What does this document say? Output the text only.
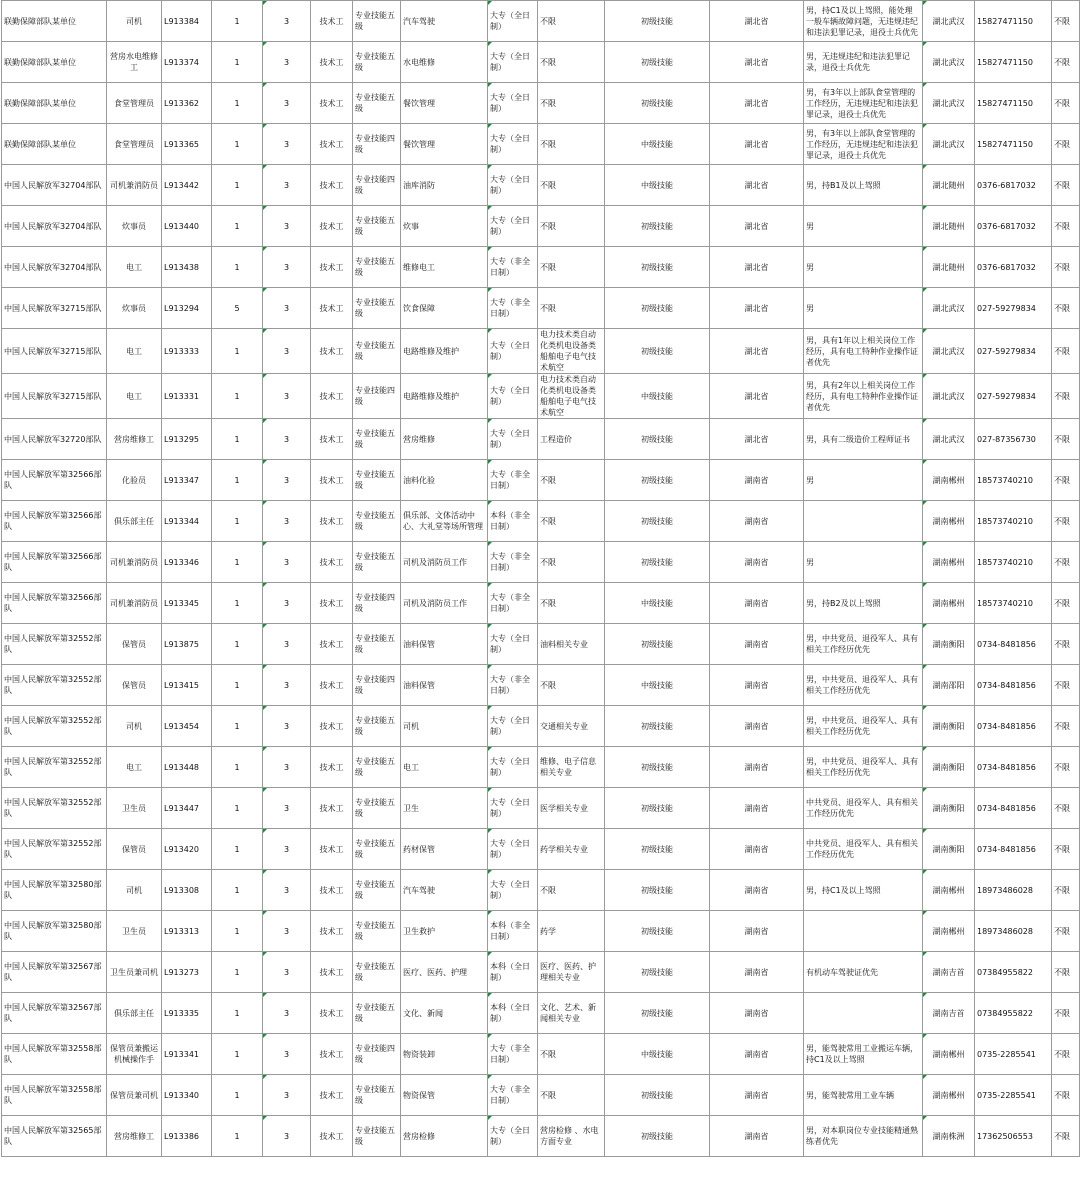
联勤保障部队某单位	司机	L913384	1	3	技术工	专业技能五级	汽车驾驶	大专（全日制）	不限	初级技能	湖北省	男，持C1及以上驾照，能处理一般车辆故障问题，无违规违纪和违法犯罪记录，退役士兵优先	湖北武汉	15827471150	不限
联勤保障部队某单位	营房水电维修工	L913374	1	3	技术工	专业技能五级	水电维修	大专（全日制）	不限	初级技能	湖北省	男，无违规违纪和违法犯罪记录，退役士兵优先	湖北武汉	15827471150	不限
联勤保障部队某单位	食堂管理员	L913362	1	3	技术工	专业技能五级	餐饮管理	大专（全日制）	不限	初级技能	湖北省	男，有3年以上部队食堂管理的工作经历，无违规违纪和违法犯罪记录，退役士兵优先	湖北武汉	15827471150	不限
联勤保障部队某单位	食堂管理员	L913365	1	3	技术工	专业技能四级	餐饮管理	大专（全日制）	不限	中级技能	湖北省	男，有3年以上部队食堂管理的工作经历，无违规违纪和违法犯罪记录，退役士兵优先	湖北武汉	15827471150	不限
中国人民解放军32704部队	司机兼消防员	L913442	1	3	技术工	专业技能四级	油库消防	大专（全日制）	不限	中级技能	湖北省	男，持B1及以上驾照	湖北随州	0376-6817032	不限
中国人民解放军32704部队	炊事员	L913440	1	3	技术工	专业技能五级	炊事	大专（全日制）	不限	初级技能	湖北省	男	湖北随州	0376-6817032	不限
中国人民解放军32704部队	电工	L913438	1	3	技术工	专业技能五级	维修电工	大专（非全日制）	不限	初级技能	湖北省	男	湖北随州	0376-6817032	不限
中国人民解放军32715部队	炊事员	L913294	5	3	技术工	专业技能五级	饮食保障	大专（非全日制）	不限	初级技能	湖北省	男	湖北武汉	027-59279834	不限
中国人民解放军32715部队	电工	L913333	1	3	技术工	专业技能五级	电路维修及维护	大专（全日制）	电力技术类自动化类机电设备类船舶电子电气技术航空	初级技能	湖北省	男，具有1年以上相关岗位工作经历，具有电工特种作业操作证者优先	湖北武汉	027-59279834	不限
中国人民解放军32715部队	电工	L913331	1	3	技术工	专业技能四级	电路维修及维护	大专（全日制）	电力技术类自动化类机电设备类船舶电子电气技术航空	中级技能	湖北省	男，具有2年以上相关岗位工作经历，具有电工特种作业操作证者优先	湖北武汉	027-59279834	不限
中国人民解放军32720部队	营房维修工	L913295	1	3	技术工	专业技能五级	营房维修	大专（全日制）	工程造价	初级技能	湖北省	男，具有二级造价工程师证书	湖北武汉	027-87356730	不限
中国人民解放军第32566部队	化验员	L913347	1	3	技术工	专业技能五级	油料化验	大专（非全日制）	不限	初级技能	湖南省	男	湖南郴州	18573740210	不限
中国人民解放军第32566部队	俱乐部主任	L913344	1	3	技术工	专业技能五级	俱乐部、文体活动中心、大礼堂等场所管理	本科（非全日制）	不限	初级技能	湖南省		湖南郴州	18573740210	不限
中国人民解放军第32566部队	司机兼消防员	L913346	1	3	技术工	专业技能五级	司机及消防员工作	大专（非全日制）	不限	初级技能	湖南省	男	湖南郴州	18573740210	不限
中国人民解放军第32566部队	司机兼消防员	L913345	1	3	技术工	专业技能四级	司机及消防员工作	大专（非全日制）	不限	中级技能	湖南省	男，持B2及以上驾照	湖南郴州	18573740210	不限
中国人民解放军第32552部队	保管员	L913875	1	3	技术工	专业技能五级	油料保管	大专（全日制）	油料相关专业	初级技能	湖南省	男，中共党员、退役军人、具有相关工作经历优先	湖南衡阳	0734-8481856	不限
中国人民解放军第32552部队	保管员	L913415	1	3	技术工	专业技能四级	油料保管	大专（非全日制）	不限	中级技能	湖南省	男，中共党员、退役军人、具有相关工作经历优先	湖南邵阳	0734-8481856	不限
中国人民解放军第32552部队	司机	L913454	1	3	技术工	专业技能五级	司机	大专（全日制）	交通相关专业	初级技能	湖南省	男，中共党员、退役军人、具有相关工作经历优先	湖南衡阳	0734-8481856	不限
中国人民解放军第32552部队	电工	L913448	1	3	技术工	专业技能五级	电工	大专（全日制）	维修、电子信息相关专业	初级技能	湖南省	男，中共党员、退役军人、具有相关工作经历优先	湖南衡阳	0734-8481856	不限
中国人民解放军第32552部队	卫生员	L913447	1	3	技术工	专业技能五级	卫生	大专（全日制）	医学相关专业	初级技能	湖南省	中共党员、退役军人、具有相关工作经历优先	湖南衡阳	0734-8481856	不限
中国人民解放军第32552部队	保管员	L913420	1	3	技术工	专业技能五级	药材保管	大专（全日制）	药学相关专业	初级技能	湖南省	中共党员、退役军人、具有相关工作经历优先	湖南衡阳	0734-8481856	不限
中国人民解放军第32580部队	司机	L913308	1	3	技术工	专业技能五级	汽车驾驶	大专（全日制）	不限	初级技能	湖南省	男，持C1及以上驾照	湖南郴州	18973486028	不限
中国人民解放军第32580部队	卫生员	L913313	1	3	技术工	专业技能五级	卫生救护	本科（非全日制）	药学	初级技能	湖南省		湖南郴州	18973486028	不限
中国人民解放军第32567部队	卫生员兼司机	L913273	1	3	技术工	专业技能五级	医疗、医药、护理	本科（全日制）	医疗、医药、护理相关专业	初级技能	湖南省	有机动车驾驶证优先	湖南吉首	07384955822	不限
中国人民解放军第32567部队	俱乐部主任	L913335	1	3	技术工	专业技能五级	文化、新闻	本科（全日制）	文化、艺术、新闻相关专业	初级技能	湖南省		湖南吉首	07384955822	不限
中国人民解放军第32558部队	保管员兼搬运机械操作手	L913341	1	3	技术工	专业技能四级	物资装卸	大专（非全日制）	不限	中级技能	湖南省	男，能驾驶常用工业搬运车辆，持C1及以上驾照	湖南郴州	0735-2285541	不限
中国人民解放军第32558部队	保管员兼司机	L913340	1	3	技术工	专业技能五级	物资保管	大专（非全日制）	不限	初级技能	湖南省	男，能驾驶常用工业车辆	湖南郴州	0735-2285541	不限
中国人民解放军第32565部队	营房维修工	L913386	1	3	技术工	专业技能五级	营房检修	大专（全日制）	营房检修 、水电方面专业	初级技能	湖南省	男，对本职岗位专业技能精通熟练者优先	湖南株洲	17362506553	不限
